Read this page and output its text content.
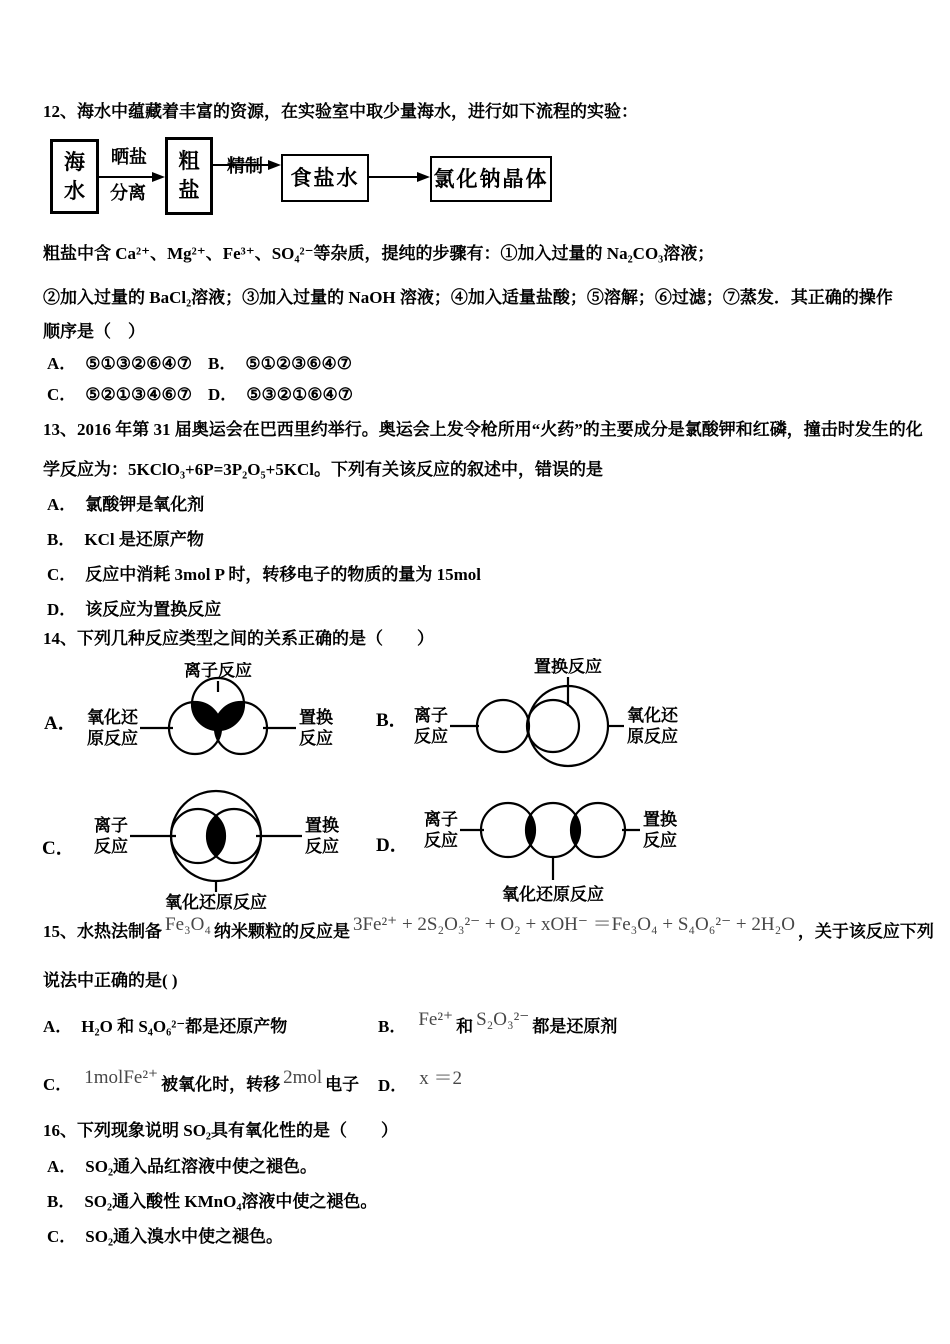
12、海水中蕴藏着丰富的资源，在实验室中取少量海水，进行如下流程的实验：
海
水
晒盐
分离
粗
盐
精制 食盐水	氯化钠晶体
粗盐中含 Ca²⁺、Mg²⁺、Fe³⁺、SO₄²⁻等杂质，提纯的步骤有：①加入过量的 Na₂CO₃溶液；
②加入过量的 BaCl₂溶液；③加入过量的 NaOH 溶液；④加入适量盐酸；⑤溶解；⑥过滤；⑦蒸发．其正确的操作
顺序是（　）
A． ⑤①③②⑥④⑦ B． ⑤①②③⑥④⑦
C． ⑤②①③④⑥⑦ D． ⑤③②①⑥④⑦
13、2016 年第 31 届奥运会在巴西里约举行。奥运会上发令枪所用“火药”的主要成分是氯酸钾和红磷，撞击时发生的化
学反应为：5KClO₃+6P=3P₂O₅+5KCl。下列有关该反应的叙述中，错误的是
A． 氯酸钾是氧化剂
B． KCl 是还原产物
C． 反应中消耗 3mol P 时，转移电子的物质的量为 15mol
D． 该反应为置换反应
14、下列几种反应类型之间的关系正确的是（　　）
A．
离子反应
氧化还
原反应
置换
反应
B．
置换反应
离子
反应
氧化还
原反应
C．
离子
反应
置换
反应
氧化还原反应
D．
离子
反应
置换
反应
氧化还原反应
15、水热法制备 Fe₃O₄ 纳米颗粒的反应是 3Fe²⁺ + 2S₂O₃²⁻ + O₂ + xOH⁻ ＝Fe₃O₄ + S₄O₆²⁻ + 2H₂O ，关于该反应下列
说法中正确的是( )
A． H₂O 和 S₄O₆²⁻都是还原产物	B． Fe²⁺ 和 S₂O₃²⁻ 都是还原剂
C． 1molFe²⁺ 被氧化时，转移 2mol 电子 D． x ＝2
16、下列现象说明 SO₂具有氧化性的是（　　）
A． SO₂通入品红溶液中使之褪色。
B． SO₂通入酸性 KMnO₄溶液中使之褪色。
C． SO₂通入溴水中使之褪色。
